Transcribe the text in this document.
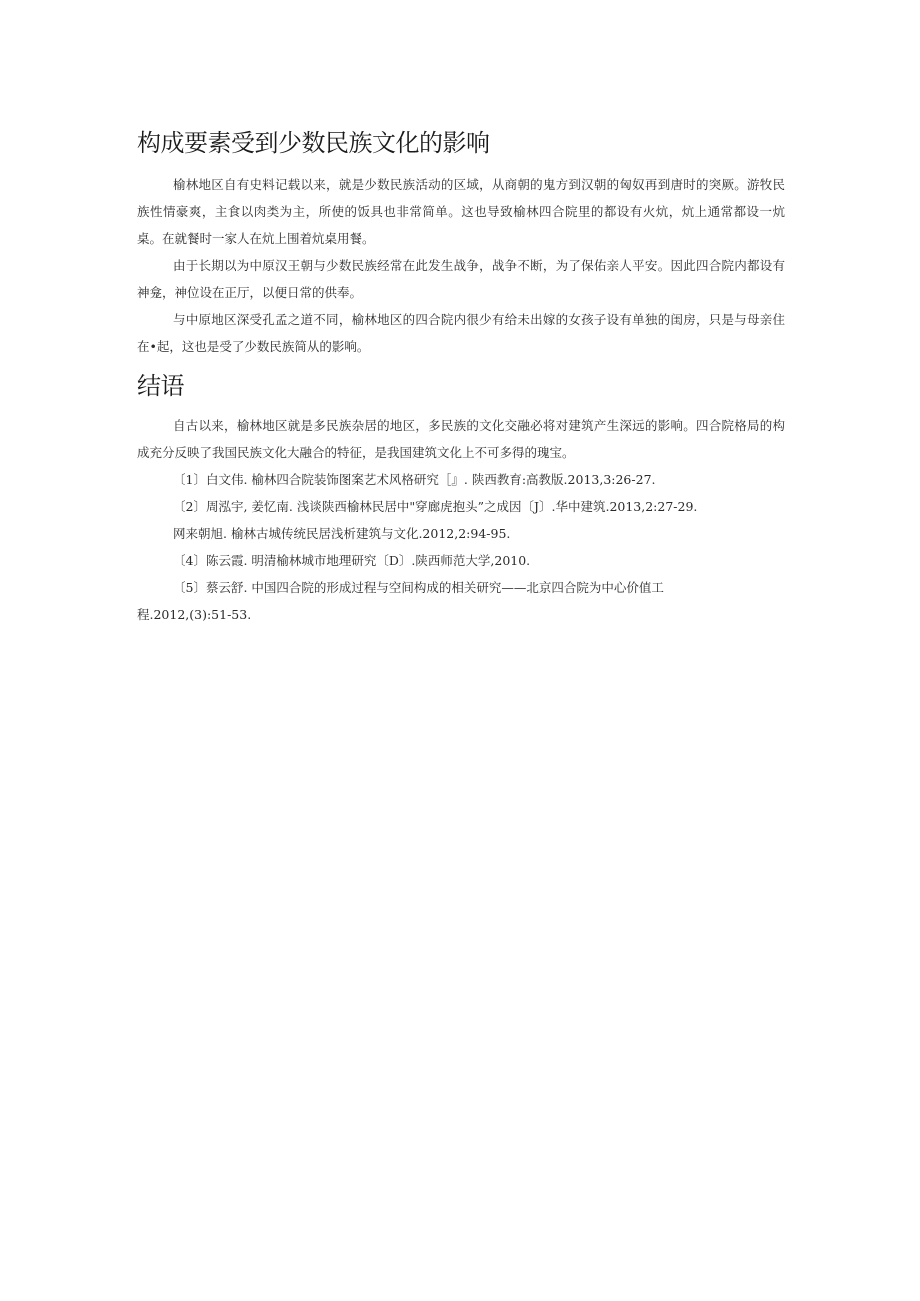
构成要素受到少数民族文化的影响

榆林地区自有史料记载以来，就是少数民族活动的区域，从商朝的鬼方到汉朝的匈奴再到唐时的突厥。游牧民族性情豪爽，主食以肉类为主，所使的饭具也非常简单。这也导致榆林四合院里的都设有火炕，炕上通常都设一炕桌。在就餐时一家人在炕上围着炕桌用餐。

由于长期以为中原汉王朝与少数民族经常在此发生战争，战争不断，为了保佑亲人平安。因此四合院内都设有神龛，神位设在正厅，以便日常的供奉。

与中原地区深受孔孟之道不同，榆林地区的四合院内很少有给未出嫁的女孩子设有单独的闺房，只是与母亲住在•起，这也是受了少数民族简从的影响。

结语

自古以来，榆林地区就是多民族杂居的地区，多民族的文化交融必将对建筑产生深远的影响。四合院格局的构成充分反映了我国民族文化大融合的特征，是我国建筑文化上不可多得的瑰宝。

〔1〕白文伟. 榆林四合院装饰图案艺术风格研究［』. 陕西教育:高教版.2013,3:26-27.

〔2〕周泓宇, 姜忆南. 浅谈陕西榆林民居中"穿廊虎抱头”之成因〔J〕.华中建筑.2013,2:27-29.

网来朝旭. 榆林古城传统民居浅析建筑与文化.2012,2:94-95.

〔4〕陈云霞. 明清榆林城市地理研究〔D〕.陕西师范大学,2010.

〔5〕蔡云舒. 中国四合院的形成过程与空间构成的相关研究——北京四合院为中心价值工程.2012,(3):51-53.
